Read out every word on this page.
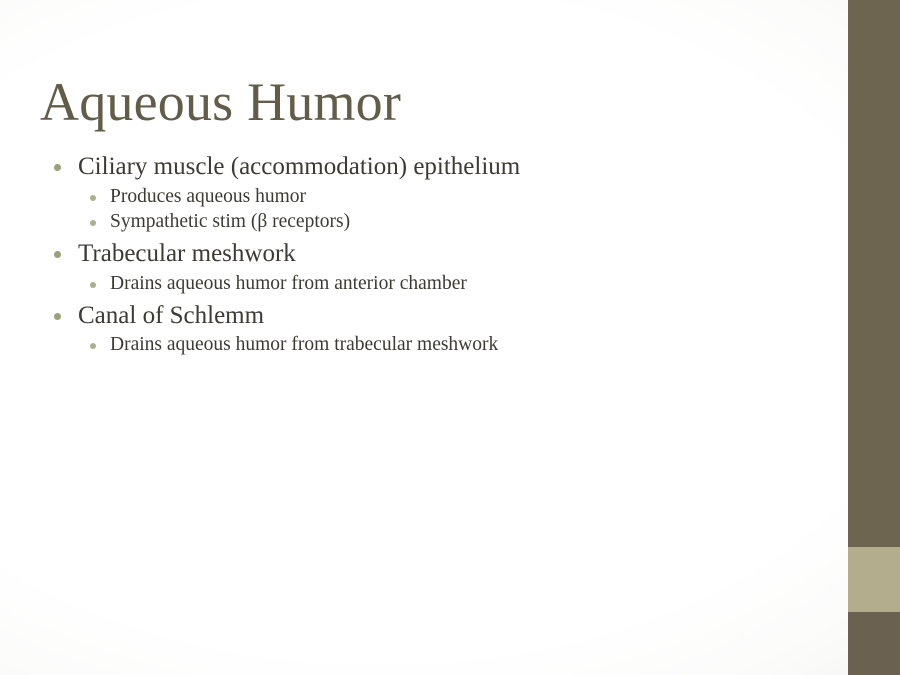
Aqueous Humor
Ciliary muscle (accommodation) epithelium
Produces aqueous humor
Sympathetic stim (β receptors)
Trabecular meshwork
Drains aqueous humor from anterior chamber
Canal of Schlemm
Drains aqueous humor from trabecular meshwork
